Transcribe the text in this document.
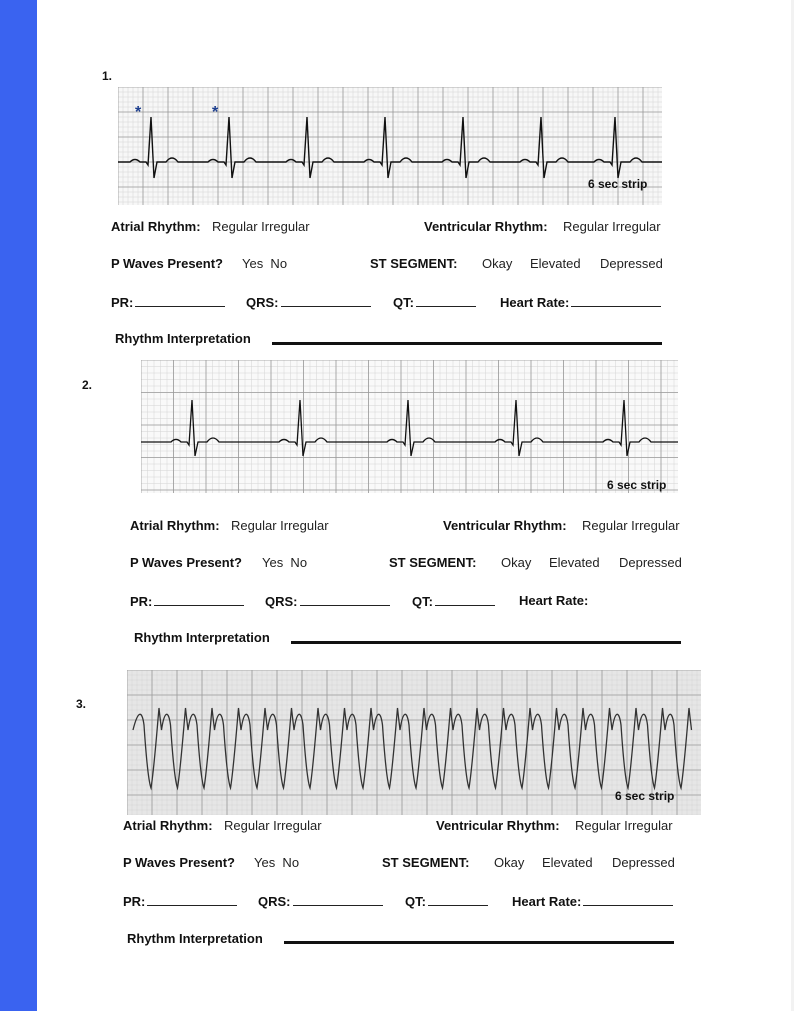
1.
*	*
6 sec strip
Atrial Rhythm: Regular Irregular	Ventricular Rhythm: Regular Irregular
P Waves Present? Yes  No	ST SEGMENT: Okay Elevated Depressed
PR:	QRS:	QT:	Heart Rate:
Rhythm Interpretation
2.
6 sec strip
Atrial Rhythm: Regular Irregular	Ventricular Rhythm: Regular Irregular
P Waves Present? Yes  No	ST SEGMENT: Okay Elevated Depressed
PR:	QRS:	QT:	Heart Rate:
Rhythm Interpretation
3.
6 sec strip
Atrial Rhythm: Regular Irregular	Ventricular Rhythm: Regular Irregular
P Waves Present? Yes  No	ST SEGMENT: Okay Elevated Depressed
PR:	QRS:	QT:	Heart Rate:
Rhythm Interpretation
